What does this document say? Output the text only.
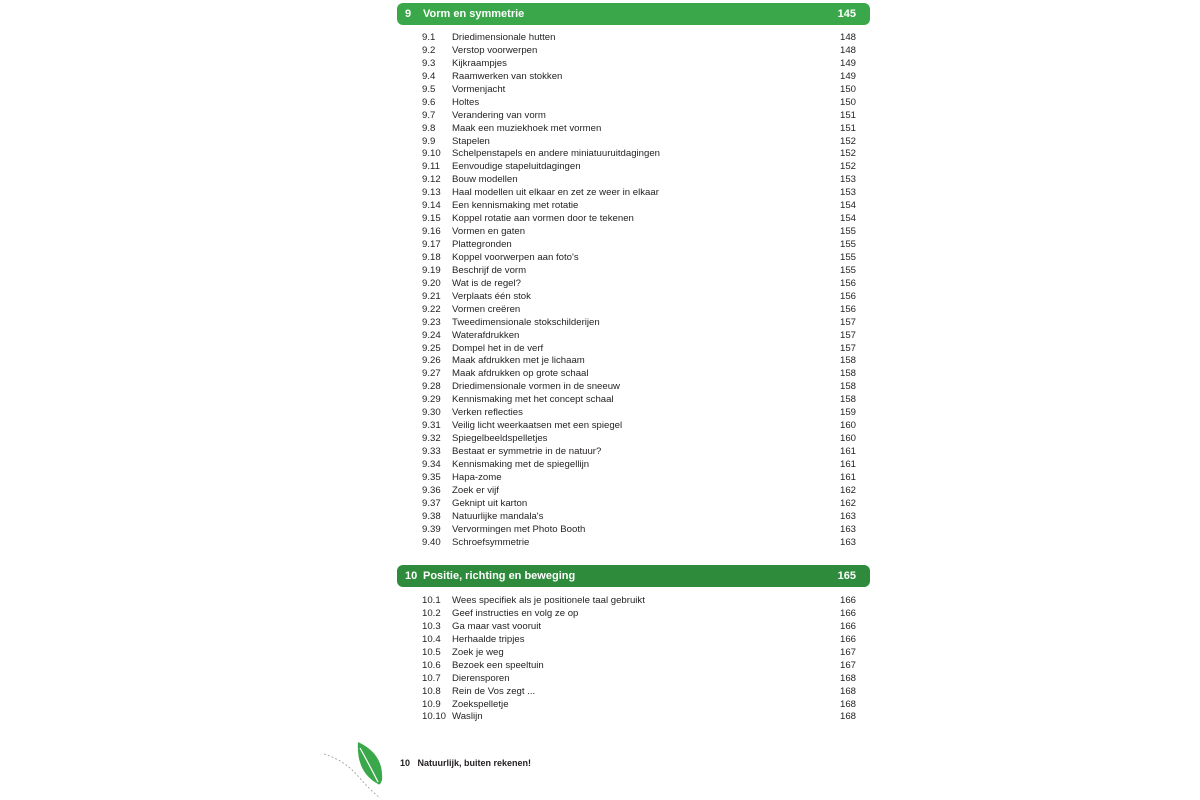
9 Vorm en symmetrie	145
9.1 Driedimensionale hutten	148
9.2 Verstop voorwerpen	148
9.3 Kijkraampjes	149
9.4 Raamwerken van stokken	149
9.5 Vormenjacht	150
9.6 Holtes	150
9.7 Verandering van vorm	151
9.8 Maak een muziekhoek met vormen	151
9.9 Stapelen	152
9.10 Schelpenstapels en andere miniatuuruitdagingen	152
9.11 Eenvoudige stapeluitdagingen	152
9.12 Bouw modellen	153
9.13 Haal modellen uit elkaar en zet ze weer in elkaar	153
9.14 Een kennismaking met rotatie	154
9.15 Koppel rotatie aan vormen door te tekenen	154
9.16 Vormen en gaten	155
9.17 Plattegronden	155
9.18 Koppel voorwerpen aan foto's	155
9.19 Beschrijf de vorm	155
9.20 Wat is de regel?	156
9.21 Verplaats één stok	156
9.22 Vormen creëren	156
9.23 Tweedimensionale stokschilderijen	157
9.24 Waterafdrukken	157
9.25 Dompel het in de verf	157
9.26 Maak afdrukken met je lichaam	158
9.27 Maak afdrukken op grote schaal	158
9.28 Driedimensionale vormen in de sneeuw	158
9.29 Kennismaking met het concept schaal	158
9.30 Verken reflecties	159
9.31 Veilig licht weerkaatsen met een spiegel	160
9.32 Spiegelbeeldspelletjes	160
9.33 Bestaat er symmetrie in de natuur?	161
9.34 Kennismaking met de spiegellijn	161
9.35 Hapa-zome	161
9.36 Zoek er vijf	162
9.37 Geknipt uit karton	162
9.38 Natuurlijke mandala's	163
9.39 Vervormingen met Photo Booth	163
9.40 Schroefsymmetrie	163
10 Positie, richting en beweging	165
10.1 Wees specifiek als je positionele taal gebruikt	166
10.2 Geef instructies en volg ze op	166
10.3 Ga maar vast vooruit	166
10.4 Herhaalde tripjes	166
10.5 Zoek je weg	167
10.6 Bezoek een speeltuin	167
10.7 Dierensporen	168
10.8 Rein de Vos zegt ...	168
10.9 Zoekspelletje	168
10.10 Waslijn	168
10 Natuurlijk, buiten rekenen!
